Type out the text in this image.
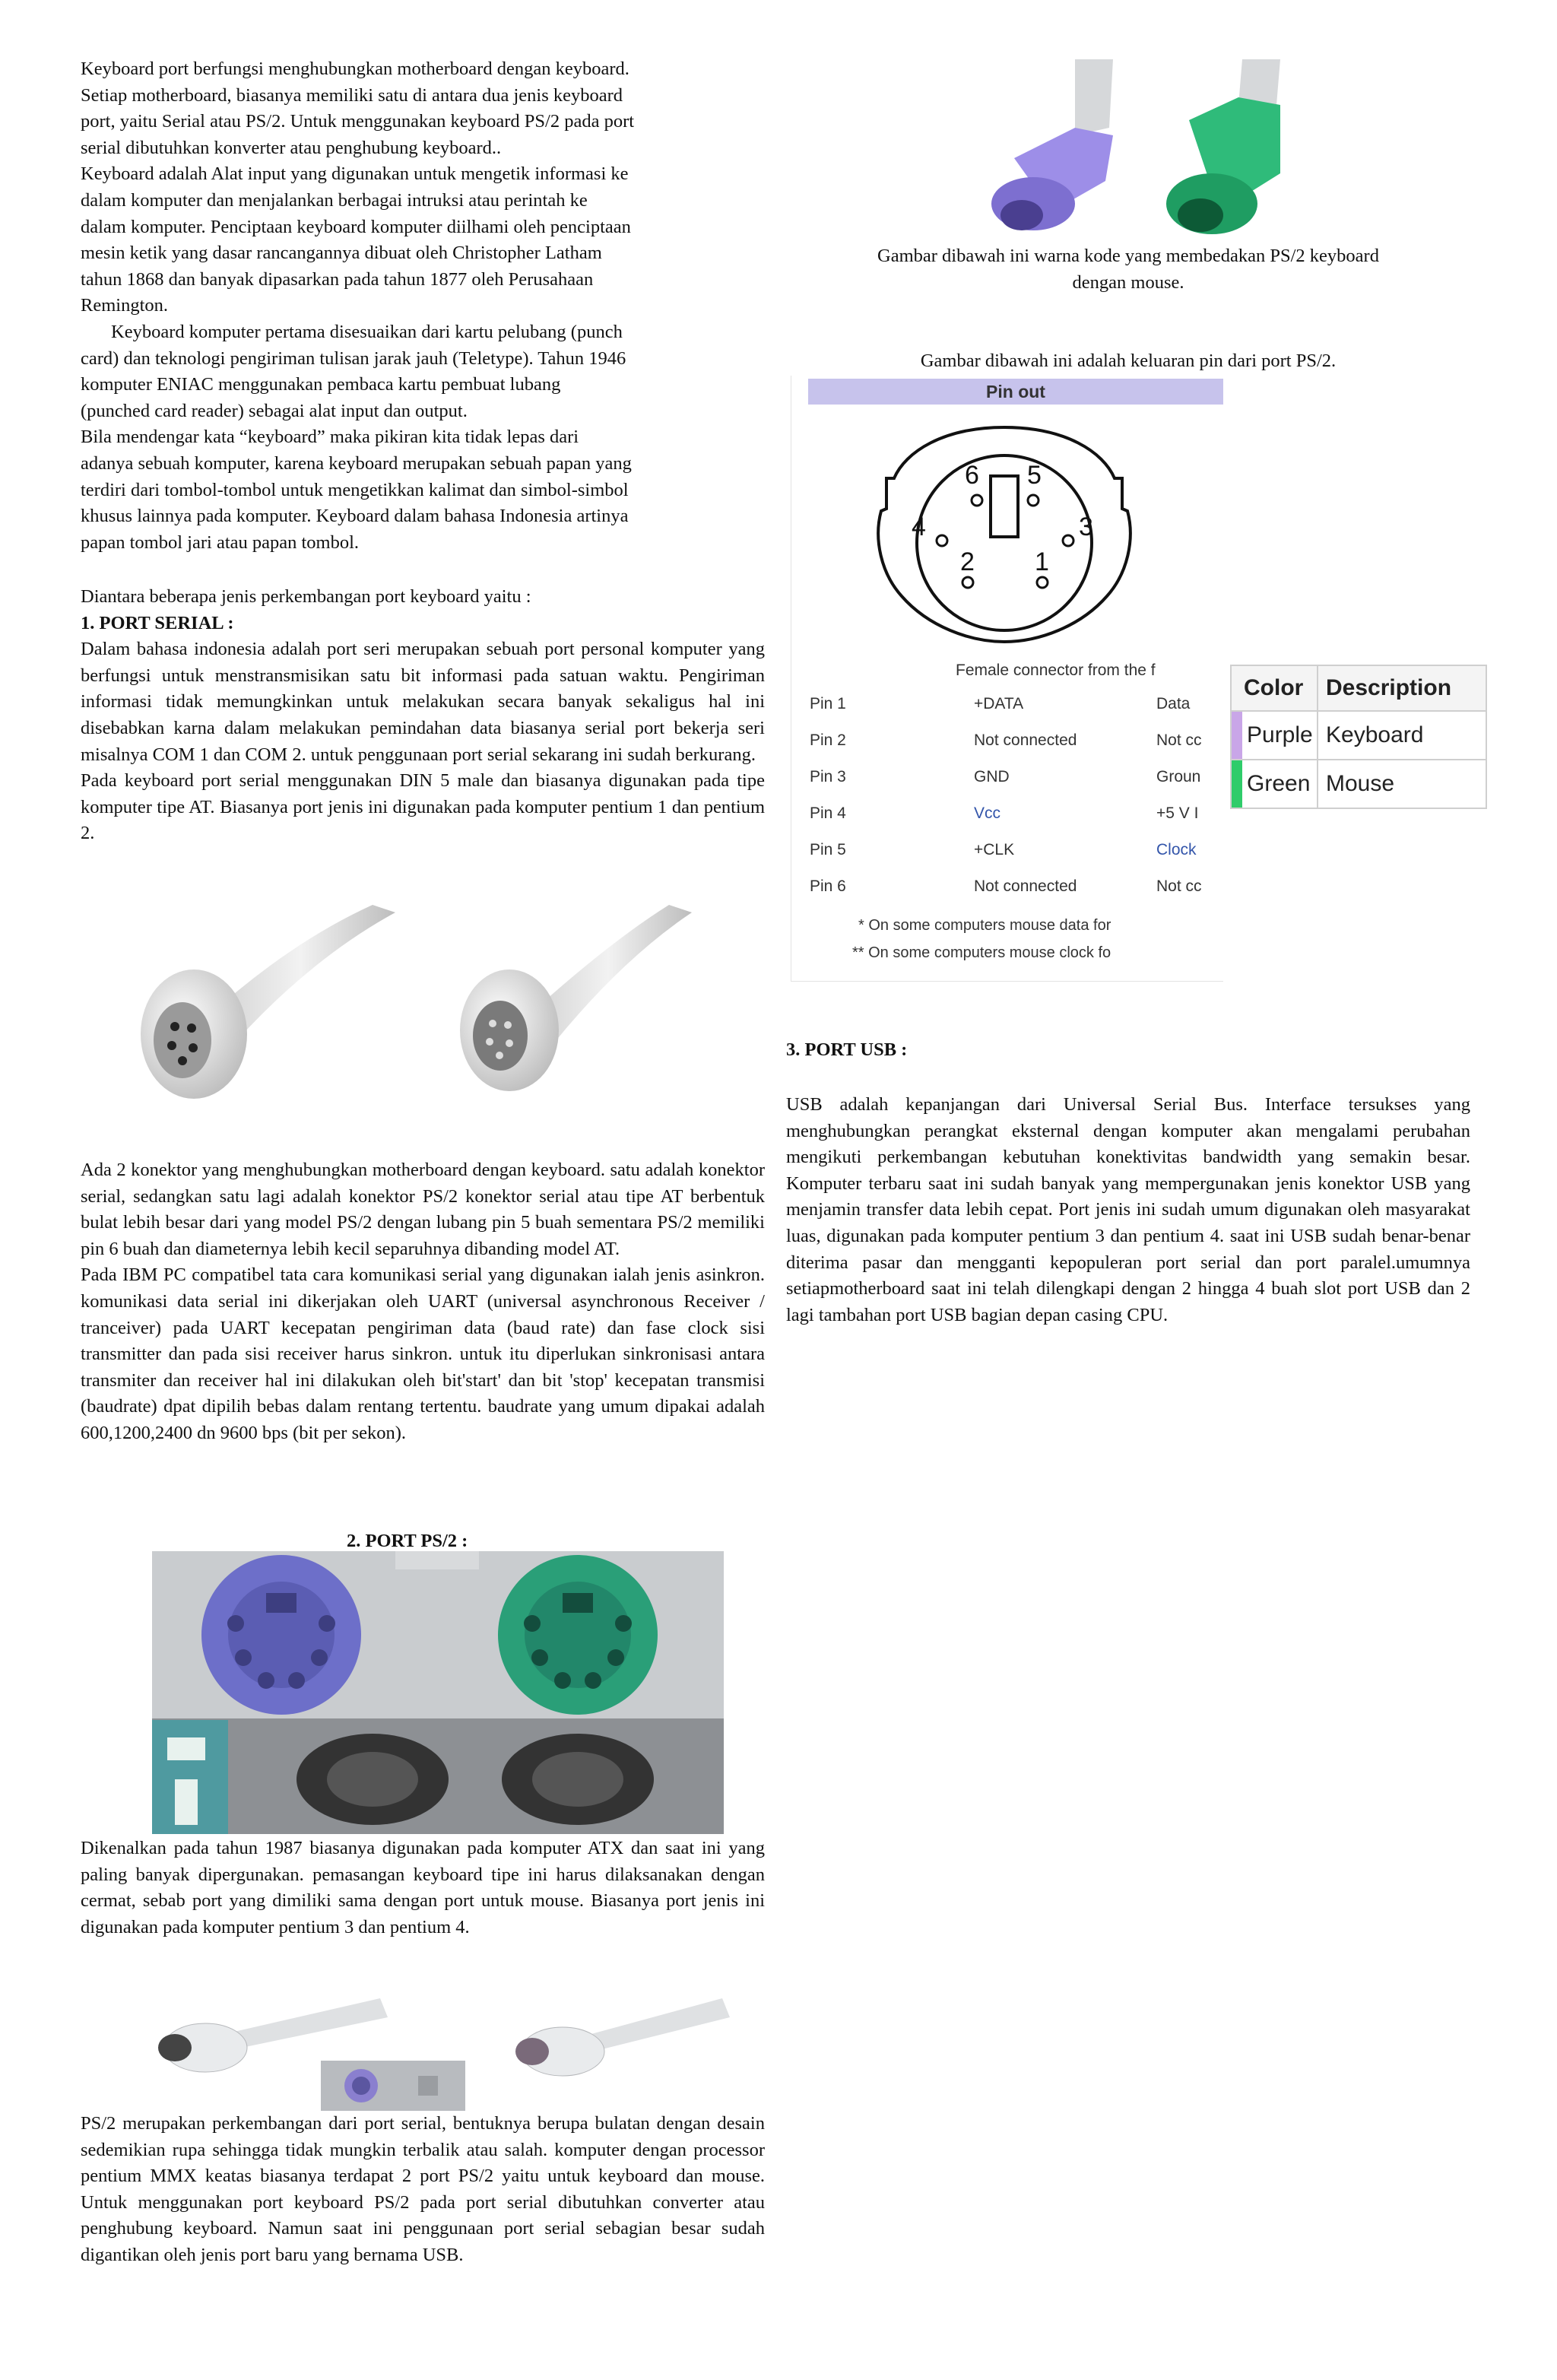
Keyboard port berfungsi menghubungkan motherboard dengan keyboard.

Setiap motherboard, biasanya memiliki satu di antara dua jenis keyboard

port, yaitu Serial atau PS/2. Untuk menggunakan keyboard PS/2 pada port

serial dibutuhkan konverter atau penghubung keyboard..

Keyboard adalah Alat input yang digunakan untuk mengetik informasi ke

dalam komputer dan menjalankan berbagai intruksi atau perintah ke

dalam komputer. Penciptaan keyboard komputer diilhami oleh penciptaan

mesin ketik yang dasar rancangannya dibuat oleh Christopher Latham

tahun 1868 dan banyak dipasarkan pada tahun 1877 oleh Perusahaan

Remington.

Keyboard komputer pertama disesuaikan dari kartu pelubang (punch

card) dan teknologi pengiriman tulisan jarak jauh (Teletype). Tahun 1946

komputer ENIAC menggunakan pembaca kartu pembuat lubang

(punched card reader) sebagai alat input dan output.

Bila mendengar kata “keyboard” maka pikiran kita tidak lepas dari

adanya sebuah komputer, karena keyboard merupakan sebuah papan yang

terdiri dari tombol-tombol untuk mengetikkan kalimat dan simbol-simbol

khusus lainnya pada komputer. Keyboard dalam bahasa Indonesia artinya

papan tombol jari atau papan tombol.

Diantara beberapa jenis perkembangan port keyboard yaitu :

1. PORT SERIAL :

Dalam bahasa indonesia adalah port seri merupakan sebuah port personal komputer yang berfungsi untuk menstransmisikan satu bit informasi pada satuan waktu. Pengiriman informasi tidak memungkinkan untuk melakukan secara banyak sekaligus hal ini disebabkan karna dalam melakukan pemindahan data biasanya serial port bekerja seri misalnya COM 1 dan COM 2. untuk penggunaan port serial sekarang ini sudah berkurang.

Pada keyboard port serial menggunakan DIN 5 male dan biasanya digunakan pada tipe komputer tipe AT. Biasanya port jenis ini digunakan pada komputer pentium 1 dan pentium 2.

Ada 2 konektor yang menghubungkan motherboard dengan keyboard. satu adalah konektor serial, sedangkan satu lagi adalah konektor PS/2 konektor serial atau tipe AT berbentuk bulat lebih besar dari yang model PS/2 dengan lubang pin 5 buah sementara PS/2 memiliki pin 6 buah dan diameternya lebih kecil separuhnya dibanding model AT.

Pada IBM PC compatibel tata cara komunikasi serial yang digunakan ialah jenis asinkron. komunikasi data serial ini dikerjakan oleh UART (universal asynchronous Receiver / tranceiver) pada UART kecepatan pengiriman data (baud rate) dan fase clock sisi transmitter dan pada sisi receiver harus sinkron. untuk itu diperlukan sinkronisasi antara transmiter dan receiver hal ini dilakukan oleh bit'start' dan bit 'stop' kecepatan transmisi (baudrate) dpat dipilih bebas dalam rentang tertentu. baudrate yang umum dipakai adalah 600,1200,2400 dn 9600 bps (bit per sekon).

2. PORT PS/2 :

Dikenalkan pada tahun 1987 biasanya digunakan pada komputer ATX dan saat ini yang paling banyak dipergunakan. pemasangan keyboard tipe ini harus dilaksanakan dengan cermat, sebab port yang dimiliki sama dengan port untuk mouse. Biasanya port jenis ini digunakan pada komputer pentium 3 dan pentium 4.

PS/2 merupakan perkembangan dari port serial, bentuknya berupa bulatan dengan desain sedemikian rupa sehingga tidak mungkin terbalik atau salah. komputer dengan processor pentium MMX keatas biasanya terdapat 2 port PS/2 yaitu untuk keyboard dan mouse. Untuk menggunakan port keyboard PS/2 pada port serial dibutuhkan converter atau penghubung keyboard. Namun saat ini penggunaan port serial sebagian besar sudah digantikan oleh jenis port baru yang bernama USB.

Gambar dibawah ini warna kode yang membedakan PS/2 keyboard
dengan mouse.

Gambar dibawah ini adalah keluaran pin dari port PS/2.

Pin out
6 5
4	3
2 1
Female connector from the f
Pin 1	+DATA	Data
Pin 2	Not connected	Not cc
Pin 3	GND	Groun
Pin 4	Vcc	+5 V I
Pin 5	+CLK	Clock
Pin 6	Not connected	Not cc
* On some computers mouse data for
** On some computers mouse clock fo
Color Description
Purple Keyboard
Green Mouse

3. PORT USB :

USB adalah kepanjangan dari Universal Serial Bus. Interface tersukses yang menghubungkan perangkat eksternal dengan komputer akan mengalami perubahan mengikuti perkembangan kebutuhan konektivitas bandwidth yang semakin besar. Komputer terbaru saat ini sudah banyak yang mempergunakan jenis konektor USB yang menjamin transfer data lebih cepat. Port jenis ini sudah umum digunakan oleh masyarakat luas, digunakan pada komputer pentium 3 dan pentium 4. saat ini USB sudah benar-benar diterima pasar dan mengganti kepopuleran port serial dan port paralel.umumnya setiapmotherboard saat ini telah dilengkapi dengan 2 hingga 4 buah slot port USB dan 2 lagi tambahan port USB bagian depan casing CPU.
